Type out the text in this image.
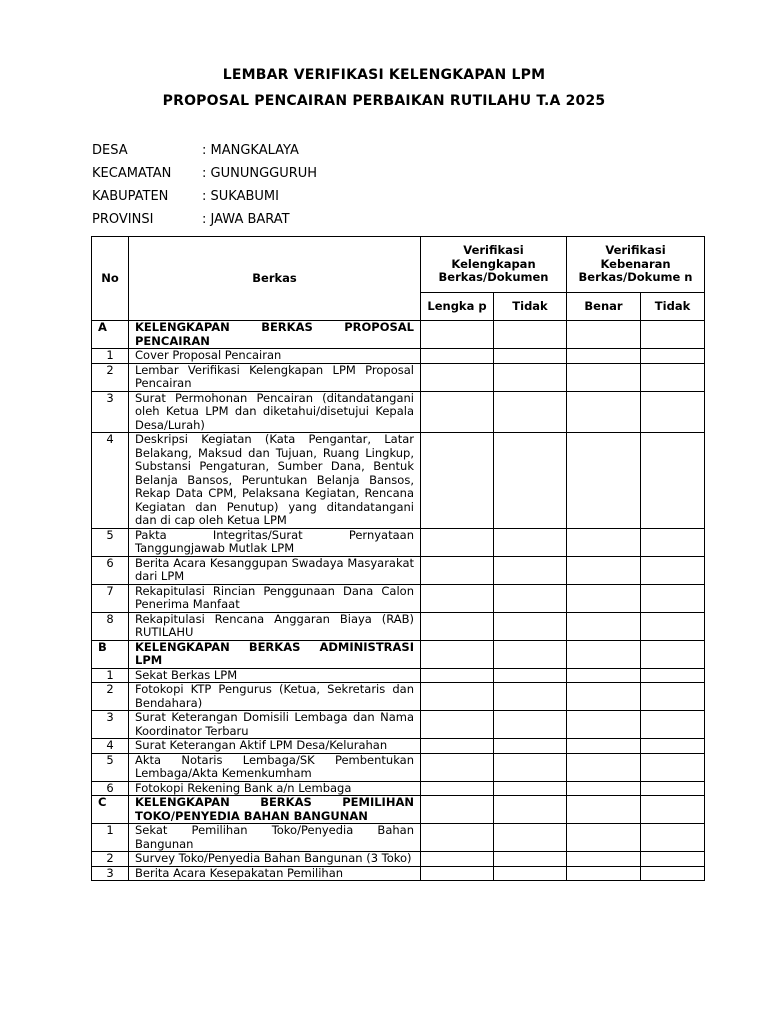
LEMBAR VERIFIKASI KELENGKAPAN LPM
PROPOSAL PENCAIRAN PERBAIKAN RUTILAHU T.A 2025
DESA	: MANGKALAYA
KECAMATAN : GUNUNGGURUH
KABUPATEN	: SUKABUMI
PROVINSI	: JAWA BARAT
No	Berkas	Verifikasi Kelengkapan Berkas/Dokumen		Verifikasi Kebenaran Berkas/Dokume n	
		Lengka p	Tidak	Benar	Tidak
A	KELENGKAPAN BERKAS PROPOSAL PENCAIRAN				
1	Cover Proposal Pencairan				
2	Lembar Verifikasi Kelengkapan LPM Proposal Pencairan				
3	Surat Permohonan Pencairan (ditandatangani oleh Ketua LPM dan diketahui/disetujui Kepala Desa/Lurah)				
4	Deskripsi Kegiatan (Kata Pengantar, Latar Belakang, Maksud dan Tujuan, Ruang Lingkup, Substansi Pengaturan, Sumber Dana, Bentuk Belanja Bansos, Peruntukan Belanja Bansos, Rekap Data CPM, Pelaksana Kegiatan, Rencana Kegiatan dan Penutup) yang ditandatangani dan di cap oleh Ketua LPM				
5	Pakta Integritas/Surat Pernyataan Tanggungjawab Mutlak LPM				
6	Berita Acara Kesanggupan Swadaya Masyarakat dari LPM				
7	Rekapitulasi Rincian Penggunaan Dana Calon Penerima Manfaat				
8	Rekapitulasi Rencana Anggaran Biaya (RAB) RUTILAHU				
B	KELENGKAPAN BERKAS ADMINISTRASI LPM				
1	Sekat Berkas LPM				
2	Fotokopi KTP Pengurus (Ketua, Sekretaris dan Bendahara)				
3	Surat Keterangan Domisili Lembaga dan Nama Koordinator Terbaru				
4	Surat Keterangan Aktif LPM Desa/Kelurahan				
5	Akta Notaris Lembaga/SK Pembentukan Lembaga/Akta Kemenkumham				
6	Fotokopi Rekening Bank a/n Lembaga				
C	KELENGKAPAN BERKAS PEMILIHAN TOKO/PENYEDIA BAHAN BANGUNAN				
1	Sekat Pemilihan Toko/Penyedia Bahan Bangunan				
2	Survey Toko/Penyedia Bahan Bangunan (3 Toko)				
3	Berita Acara Kesepakatan Pemilihan				
